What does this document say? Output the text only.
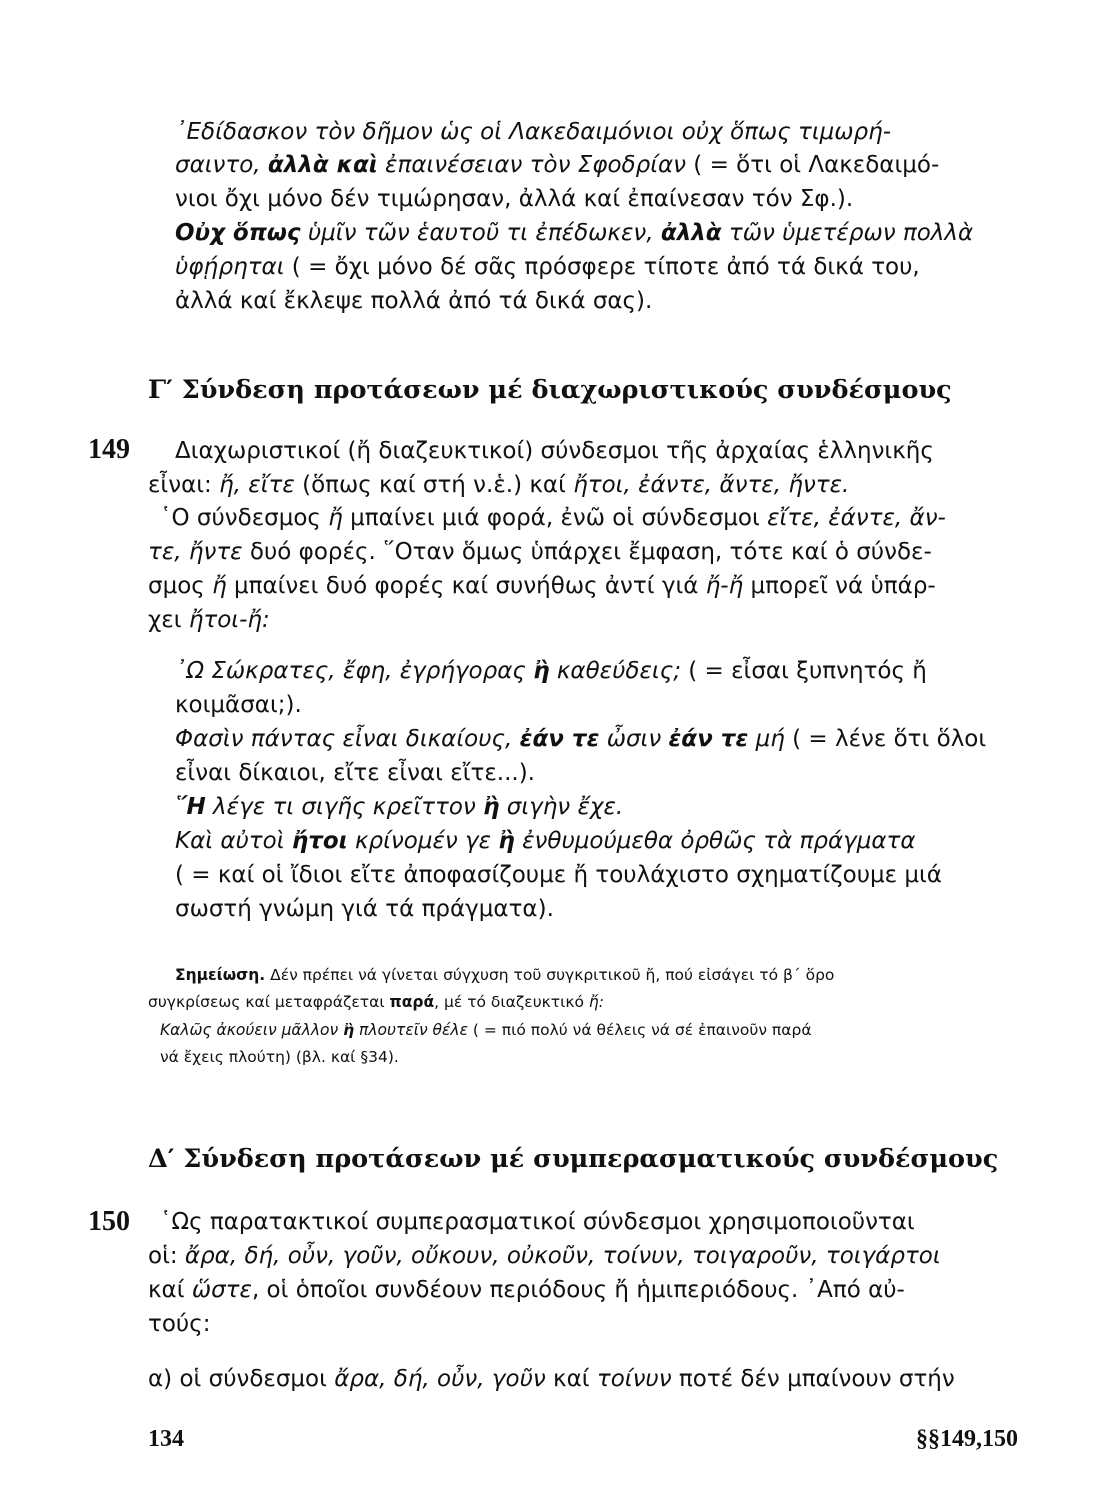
᾿Εδίδασκον τὸν δῆμον ὡς οἱ Λακεδαιμόνιοι οὐχ ὅπως τιμωρή-
σαιντο, ἀλλὰ καὶ ἐπαινέσειαν τὸν Σφοδρίαν ( = ὅτι οἱ Λακεδαιμό-
νιοι ὄχι μόνο δέν τιμώρησαν, ἀλλά καί ἐπαίνεσαν τόν Σφ.).
Οὐχ ὅπως ὑμῖν τῶν ἑαυτοῦ τι ἐπέδωκεν, ἀλλὰ τῶν ὑμετέρων πολλὰ
ὑφῄρηται ( = ὄχι μόνο δέ σᾶς πρόσφερε τίποτε ἀπό τά δικά του,
ἀλλά καί ἔκλεψε πολλά ἀπό τά δικά σας).
Γ′ Σύνδεση προτάσεων μέ διαχωριστικούς συνδέσμους
149 Διαχωριστικοί (ἤ διαζευκτικοί) σύνδεσμοι τῆς ἀρχαίας ἑλληνικῆς
εἶναι: ἤ, εἴτε (ὅπως καί στή ν.ἑ.) καί ἤτοι, ἐάντε, ἄντε, ἤντε.
῾Ο σύνδεσμος ἤ μπαίνει μιά φορά, ἐνῶ οἱ σύνδεσμοι εἴτε, ἐάντε, ἄν-
τε, ἤντε δυό φορές. ῞Οταν ὅμως ὑπάρχει ἔμφαση, τότε καί ὁ σύνδε-
σμος ἤ μπαίνει δυό φορές καί συνήθως ἀντί γιά ἤ-ἤ μπορεῖ νά ὑπάρ-
χει ἤτοι-ἤ:
᾿Ω Σώκρατες, ἔφη, ἐγρήγορας ἢ καθεύδεις; ( = εἶσαι ξυπνητός ἤ
κοιμᾶσαι;).
Φασὶν πάντας εἶναι δικαίους, ἐάν τε ὦσιν ἐάν τε μή ( = λένε ὅτι ὅλοι
εἶναι δίκαιοι, εἴτε εἶναι εἴτε...).
῞Η λέγε τι σιγῆς κρεῖττον ἢ σιγὴν ἔχε.
Καὶ αὐτοὶ ἤτοι κρίνομέν γε ἢ ἐνθυμούμεθα ὀρθῶς τὰ πράγματα
( = καί οἱ ἴδιοι εἴτε ἀποφασίζουμε ἤ τουλάχιστο σχηματίζουμε μιά
σωστή γνώμη γιά τά πράγματα).
Σημείωση. Δέν πρέπει νά γίνεται σύγχυση τοῦ συγκριτικοῦ ἤ, πού εἰσάγει τό β΄ ὅρο
συγκρίσεως καί μεταφράζεται παρά, μέ τό διαζευκτικό ἤ:
Καλῶς ἀκούειν μᾶλλον ἢ πλουτεῖν θέλε ( = πιό πολύ νά θέλεις νά σέ ἐπαινοῦν παρά
νά ἔχεις πλούτη) (βλ. καί §34).
Δ′ Σύνδεση προτάσεων μέ συμπερασματικούς συνδέσμους
150 ῾Ως παρατακτικοί συμπερασματικοί σύνδεσμοι χρησιμοποιοῦνται
οἱ: ἄρα, δή, οὖν, γοῦν, οὔκουν, οὐκοῦν, τοίνυν, τοιγαροῦν, τοιγάρτοι
καί ὥστε, οἱ ὁποῖοι συνδέουν περιόδους ἤ ἡμιπεριόδους. ᾿Από αὐ-
τούς:
α) οἱ σύνδεσμοι ἄρα, δή, οὖν, γοῦν καί τοίνυν ποτέ δέν μπαίνουν στήν
134	§§149,150
